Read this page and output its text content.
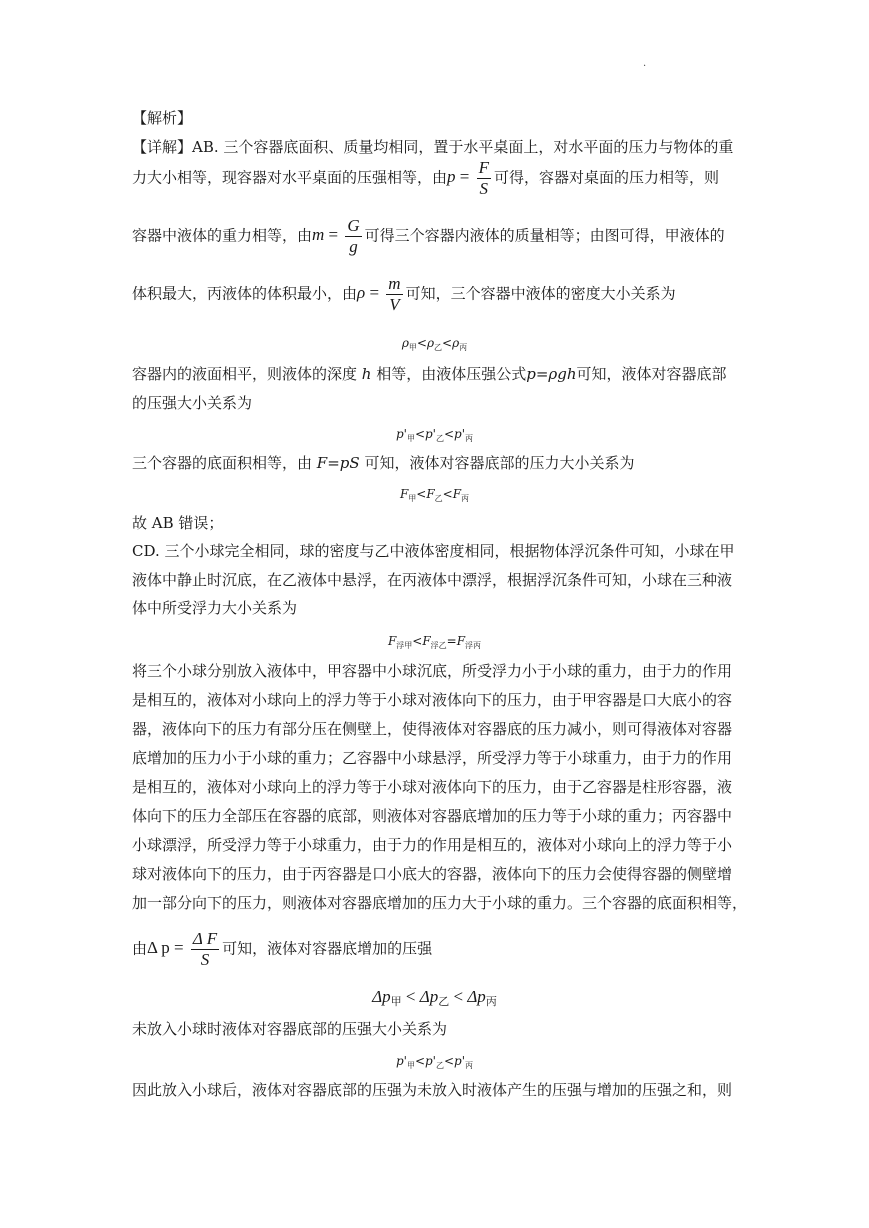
.
【解析】
【详解】AB. 三个容器底面积、质量均相同，置于水平桌面上，对水平面的压力与物体的重
力大小相等，现容器对水平桌面的压强相等，由$p = \frac{F}{S}$ 可得，容器对桌面的压力相等，则
容器中液体的重力相等，由$m = \frac{G}{g}$ 可得三个容器内液体的质量相等；由图可得，甲液体的
体积最大，丙液体的体积最小，由$\rho = \frac{m}{V}$ 可知，三个容器中液体的密度大小关系为
$\rho_甲<\rho_乙<\rho_丙$
容器内的液面相平，则液体的深度 h 相等，由液体压强公式p=ρgh可知，液体对容器底部
的压强大小关系为
$p'_甲<p'_乙<p'_丙$
三个容器的底面积相等，由 F=pS 可知，液体对容器底部的压力大小关系为
$F_甲<F_乙<F_丙$
故 AB 错误；
CD. 三个小球完全相同，球的密度与乙中液体密度相同，根据物体浮沉条件可知，小球在甲
液体中静止时沉底，在乙液体中悬浮，在丙液体中漂浮，根据浮沉条件可知，小球在三种液
体中所受浮力大小关系为
$F_{浮甲}<F_{浮乙}=F_{浮丙}$
将三个小球分别放入液体中，甲容器中小球沉底，所受浮力小于小球的重力，由于力的作用
是相互的，液体对小球向上的浮力等于小球对液体向下的压力，由于甲容器是口大底小的容
器，液体向下的压力有部分压在侧壁上，使得液体对容器底的压力减小，则可得液体对容器
底增加的压力小于小球的重力；乙容器中小球悬浮，所受浮力等于小球重力，由于力的作用
是相互的，液体对小球向上的浮力等于小球对液体向下的压力，由于乙容器是柱形容器，液
体向下的压力全部压在容器的底部，则液体对容器底增加的压力等于小球的重力；丙容器中
小球漂浮，所受浮力等于小球重力，由于力的作用是相互的，液体对小球向上的浮力等于小
球对液体向下的压力，由于丙容器是口小底大的容器，液体向下的压力会使得容器的侧壁增
加一部分向下的压力，则液体对容器底增加的压力大于小球的重力。三个容器的底面积相等，
由Δ $p = \frac{\text{Δ F}}{S}$ 可知，液体对容器底增加的压强
$\Delta p_甲 < \Delta p_乙 < \Delta p_丙$
未放入小球时液体对容器底部的压强大小关系为
$p'_甲<p'_乙<p'_丙$
因此放入小球后，液体对容器底部的压强为未放入时液体产生的压强与增加的压强之和，则
